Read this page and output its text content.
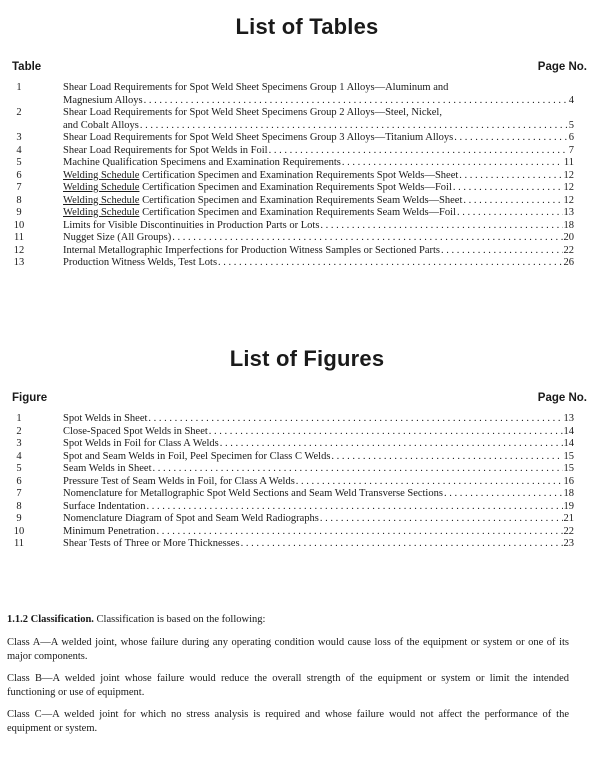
List of Tables
Table	Page No.
1	Shear Load Requirements for Spot Weld Sheet Specimens Group 1 Alloys—Aluminum and
Magnesium Alloys . . .	4
2	Shear Load Requirements for Spot Weld Sheet Specimens Group 2 Alloys—Steel, Nickel,
and Cobalt Alloys . . .	5
3	Shear Load Requirements for Spot Weld Sheet Specimens Group 3 Alloys—Titanium Alloys . . .	6
4	Shear Load Requirements for Spot Welds in Foil . . .	7
5	Machine Qualification Specimens and Examination Requirements . . .	11
6	Welding Schedule Certification Specimen and Examination Requirements Spot Welds—Sheet . . .	12
7	Welding Schedule Certification Specimen and Examination Requirements Spot Welds—Foil . . .	12
8	Welding Schedule Certification Specimen and Examination Requirements Seam Welds—Sheet . . .	12
9	Welding Schedule Certification Specimen and Examination Requirements Seam Welds—Foil . . .	13
10	Limits for Visible Discontinuities in Production Parts or Lots . . .	18
11	Nugget Size (All Groups) . . .	20
12	Internal Metallographic Imperfections for Production Witness Samples or Sectioned Parts . . .	22
13	Production Witness Welds, Test Lots . . .	26
List of Figures
Figure	Page No.
1	Spot Welds in Sheet . . .	13
2	Close-Spaced Spot Welds in Sheet . . .	14
3	Spot Welds in Foil for Class A Welds . . .	14
4	Spot and Seam Welds in Foil, Peel Specimen for Class C Welds . . .	15
5	Seam Welds in Sheet . . .	15
6	Pressure Test of Seam Welds in Foil, for Class A Welds . . .	16
7	Nomenclature for Metallographic Spot Weld Sections and Seam Weld Transverse Sections . . .	18
8	Surface Indentation . . .	19
9	Nomenclature Diagram of Spot and Seam Weld Radiographs . . .	21
10	Minimum Penetration . . .	22
11	Shear Tests of Three or More Thicknesses . . .	23

1.1.2 Classification. Classification is based on the following:

Class A—A welded joint, whose failure during any operating condition would cause loss of the equipment or system or one of its major components.

Class B—A welded joint whose failure would reduce the overall strength of the equipment or system or limit the intended functioning or use of equipment.

Class C—A welded joint for which no stress analysis is required and whose failure would not affect the performance of the equipment or system.
